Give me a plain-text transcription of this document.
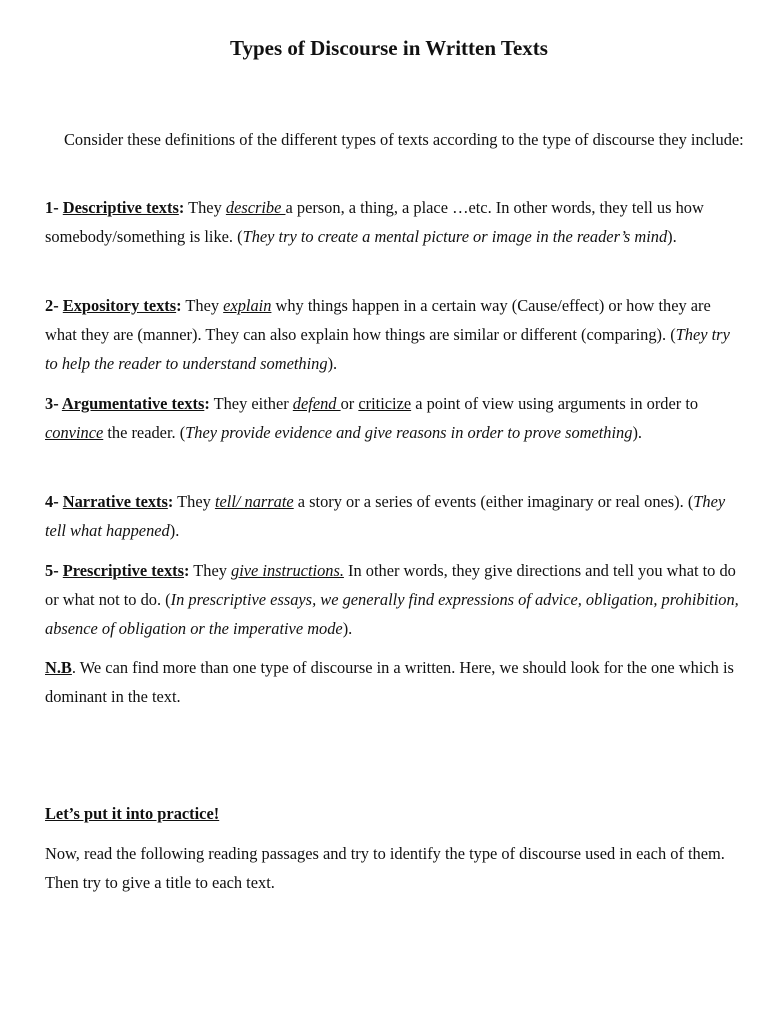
Types of Discourse in Written Texts

Consider these definitions of the different types of texts according to the type of discourse they include:

1- Descriptive texts: They describe a person, a thing, a place …etc. In other words, they tell us how somebody/something is like. (They try to create a mental picture or image in the reader’s mind).

2- Expository texts: They explain why things happen in a certain way (Cause/effect) or how they are what they are (manner). They can also explain how things are similar or different (comparing). (They try to help the reader to understand something).

3- Argumentative texts: They either defend or criticize a point of view using arguments in order to convince the reader. (They provide evidence and give reasons in order to prove something).

4- Narrative texts: They tell/ narrate a story or a series of events (either imaginary or real ones). (They tell what happened).

5- Prescriptive texts: They give instructions. In other words, they give directions and tell you what to do or what not to do. (In prescriptive essays, we generally find expressions of advice, obligation, prohibition, absence of obligation or the imperative mode).

N.B. We can find more than one type of discourse in a written. Here, we should look for the one which is dominant in the text.

Let’s put it into practice!

Now, read the following reading passages and try to identify the type of discourse used in each of them. Then try to give a title to each text.
